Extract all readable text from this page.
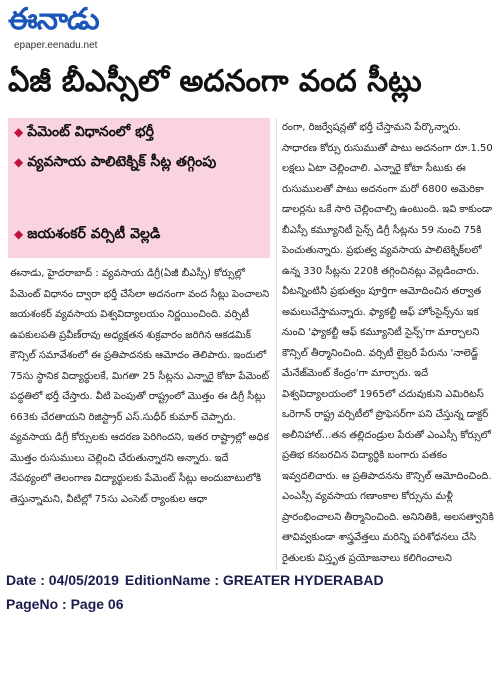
ఈనాడు
epaper.eenadu.net
ఏజీ బీఎస్సీలో అదనంగా వంద సీట్లు
◆ పేమెంట్ విధానంలో భర్తీ
◆ వ్యవసాయ పాలిటెక్నిక్ సీట్ల తగ్గింపు
◆ జయశంకర్ వర్సిటీ వెల్లడి
ఈనాడు, హైదరాబాద్ : వ్యవసాయ డిగ్రీ(ఏజీ బీఎస్సీ) కోర్సుల్లో పేమెంట్ విధానం ద్వారా భర్తీ చేసేలా అదనంగా వంద సీట్లు పెంచాలని జయశంకర్ వ్యవసాయ విశ్వవిద్యాలయం నిర్ణయించింది. వర్సిటీ ఉపకులపతి ప్రవీణ్‌రావు అధ్యక్షతన శుక్రవారం జరిగిన ఆకడమిక్ కౌన్సిల్ సమావేశంలో ఈ ప్రతిపాదనకు ఆమోదం తెలిపారు. ఇందులో 75సు స్థానిక విద్యార్థులకే, మిగతా 25 సీట్లను ఎన్నారై కోటా పేమెంట్ పద్ధతిలో భర్తీ చేస్తారు. వీటి పెంపుతో రాష్ట్రంలో మొత్తం ఈ డిగ్రీ సీట్లు 663కు చేరతాయని రిజిస్ట్రార్ ఎస్.సుధీర్ కుమార్ చెప్పారు. వ్యవసాయ డిగ్రీ కోర్సులకు ఆదరణ పెరిగిందని, ఇతర రాష్ట్రాల్లో అధిక మొత్తం రుసుములు చెల్లించి చేరుతున్నారని అన్నారు. ఇదే నేపథ్యంలో తెలంగాణ విద్యార్థులకు పేమెంట్ సీట్లు అందుబాటులోకి తెస్తున్నామని, వీటిల్లో 75సు ఎంసెట్ ర్యాంకుల ఆధా
రంగా, రిజర్వేషన్లతో భర్తీ చేస్తామని పేర్కొన్నారు. సాధారణ కోర్సు రుసుముతో పాటు అదనంగా రూ.1.50 లక్షలు ఏటా చెల్లించాలి. ఎన్నారై కోటా సీటుకు ఈ రుసుములతో పాటు అదనంగా మరో 6800 అమెరికా డాలర్లను ఒకే సారి చెల్లించాల్సి ఉంటుంది. ఇవి కాకుండా బీఎస్సీ కమ్యూనిటీ సైన్స్ డిగ్రీ సీట్లను 59 నుంచి 75కి పెంచుతున్నారు. ప్రభుత్వ వ్యవసాయ పాలిటెక్నిక్‌లలో ఉన్న 330 సీట్లను 220కి తగ్గించినట్లు వెల్లడించారు. వీటన్నింటినీ ప్రభుత్వం పూర్తిగా ఆమోదించిన తర్వాత అమలుచేస్తామన్నారు. ఫ్యాకల్టీ ఆఫ్ హోంసైన్స్‌ను ఇక నుంచి 'ఫ్యాకల్టీ ఆఫ్ కమ్యూనిటీ సైన్స్'గా మార్చాలని కౌన్సిల్ తీర్మానించింది. వర్సిటీ లైబ్రరీ పేరును 'నాలెడ్జ్ మేనేజ్‌మెంట్ కేంద్రం'గా మార్చారు. ఇదే విశ్వవిద్యాలయంలో 1965లో చదువుకుని ఎమిరిటస్ ఒరెగాన్ రాష్ట్ర వర్సిటీలో ప్రొఫెసర్‌గా పని చేస్తున్న డాక్టర్ అలీనిహాల్...తన తల్లిదండ్రుల పేరుతో ఎంఎస్సీ కోర్సులో ప్రతిభ కనబరచిన విద్యార్థికి బంగారు పతకం ఇవ్వదలిచారు. ఆ ప్రతిపాదనను కౌన్సిల్ ఆమోదించింది. ఎంఎస్సీ వ్యవసాయ గణాంకాల కోర్సును మళ్లీ ప్రారంభించాలని తీర్మానించింది. అనినితికి, అలసత్వానికి తావివ్వకుండా శాస్త్రవేత్తలు మరిన్ని పరిశోధనలు చేసి రైతులకు విస్తృత ప్రయోజనాలు కలిగించాలని
Date : 04/05/2019 EditionName : GREATER HYDERABAD
PageNo : Page 06
